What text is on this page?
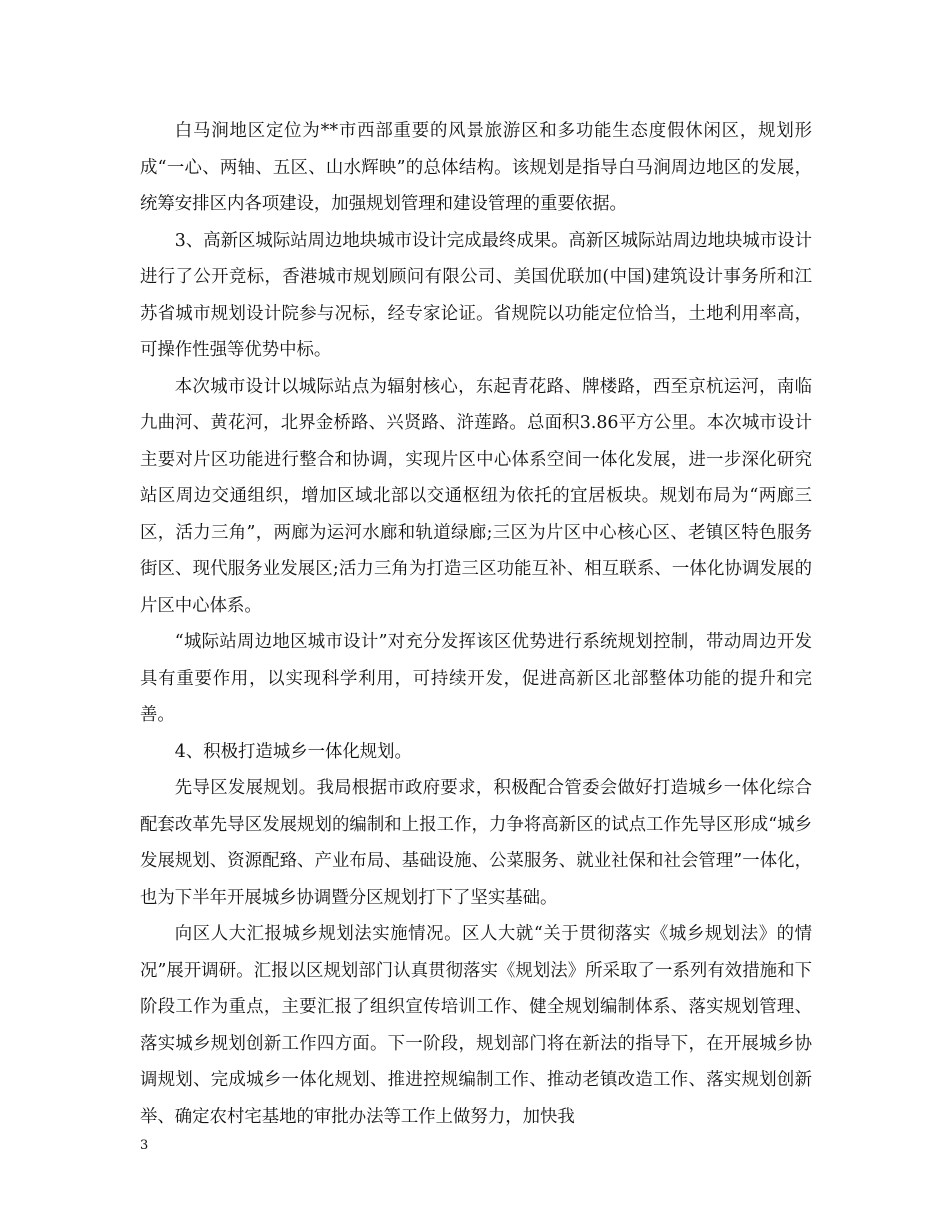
白马涧地区定位为**市西部重要的风景旅游区和多功能生态度假休闲区，规划形成“一心、两轴、五区、山水辉映”的总体结构。该规划是指导白马涧周边地区的发展，统筹安排区内各项建设，加强规划管理和建设管理的重要依据。

3、高新区城际站周边地块城市设计完成最终成果。高新区城际站周边地块城市设计进行了公开竞标，香港城市规划顾问有限公司、美国优联加(中国)建筑设计事务所和江苏省城市规划设计院参与况标，经专家论证。省规院以功能定位恰当，土地利用率高，可操作性强等优势中标。

本次城市设计以城际站点为辐射核心，东起青花路、牌楼路，西至京杭运河，南临九曲河、黄花河，北界金桥路、兴贤路、浒莲路。总面积3.86平方公里。本次城市设计主要对片区功能进行整合和协调，实现片区中心体系空间一体化发展，进一步深化研究站区周边交通组织，增加区域北部以交通枢纽为依托的宜居板块。规划布局为“两廊三区，活力三角”，两廊为运河水廊和轨道绿廊;三区为片区中心核心区、老镇区特色服务街区、现代服务业发展区;活力三角为打造三区功能互补、相互联系、一体化协调发展的片区中心体系。

“城际站周边地区城市设计”对充分发挥该区优势进行系统规划控制，带动周边开发具有重要作用，以实现科学利用，可持续开发，促进高新区北部整体功能的提升和完善。

4、积极打造城乡一体化规划。

先导区发展规划。我局根据市政府要求，积极配合管委会做好打造城乡一体化综合配套改革先导区发展规划的编制和上报工作，力争将高新区的试点工作先导区形成“城乡发展规划、资源配臵、产业布局、基础设施、公菜服务、就业社保和社会管理”一体化，也为下半年开展城乡协调暨分区规划打下了坚实基础。

向区人大汇报城乡规划法实施情况。区人大就“关于贯彻落实《城乡规划法》的情况”展开调研。汇报以区规划部门认真贯彻落实《规划法》所采取了一系列有效措施和下阶段工作为重点，主要汇报了组织宣传培训工作、健全规划编制体系、落实规划管理、落实城乡规划创新工作四方面。下一阶段，规划部门将在新法的指导下，在开展城乡协调规划、完成城乡一体化规划、推进控规编制工作、推动老镇改造工作、落实规划创新举、确定农村宅基地的审批办法等工作上做努力，加快我

3
